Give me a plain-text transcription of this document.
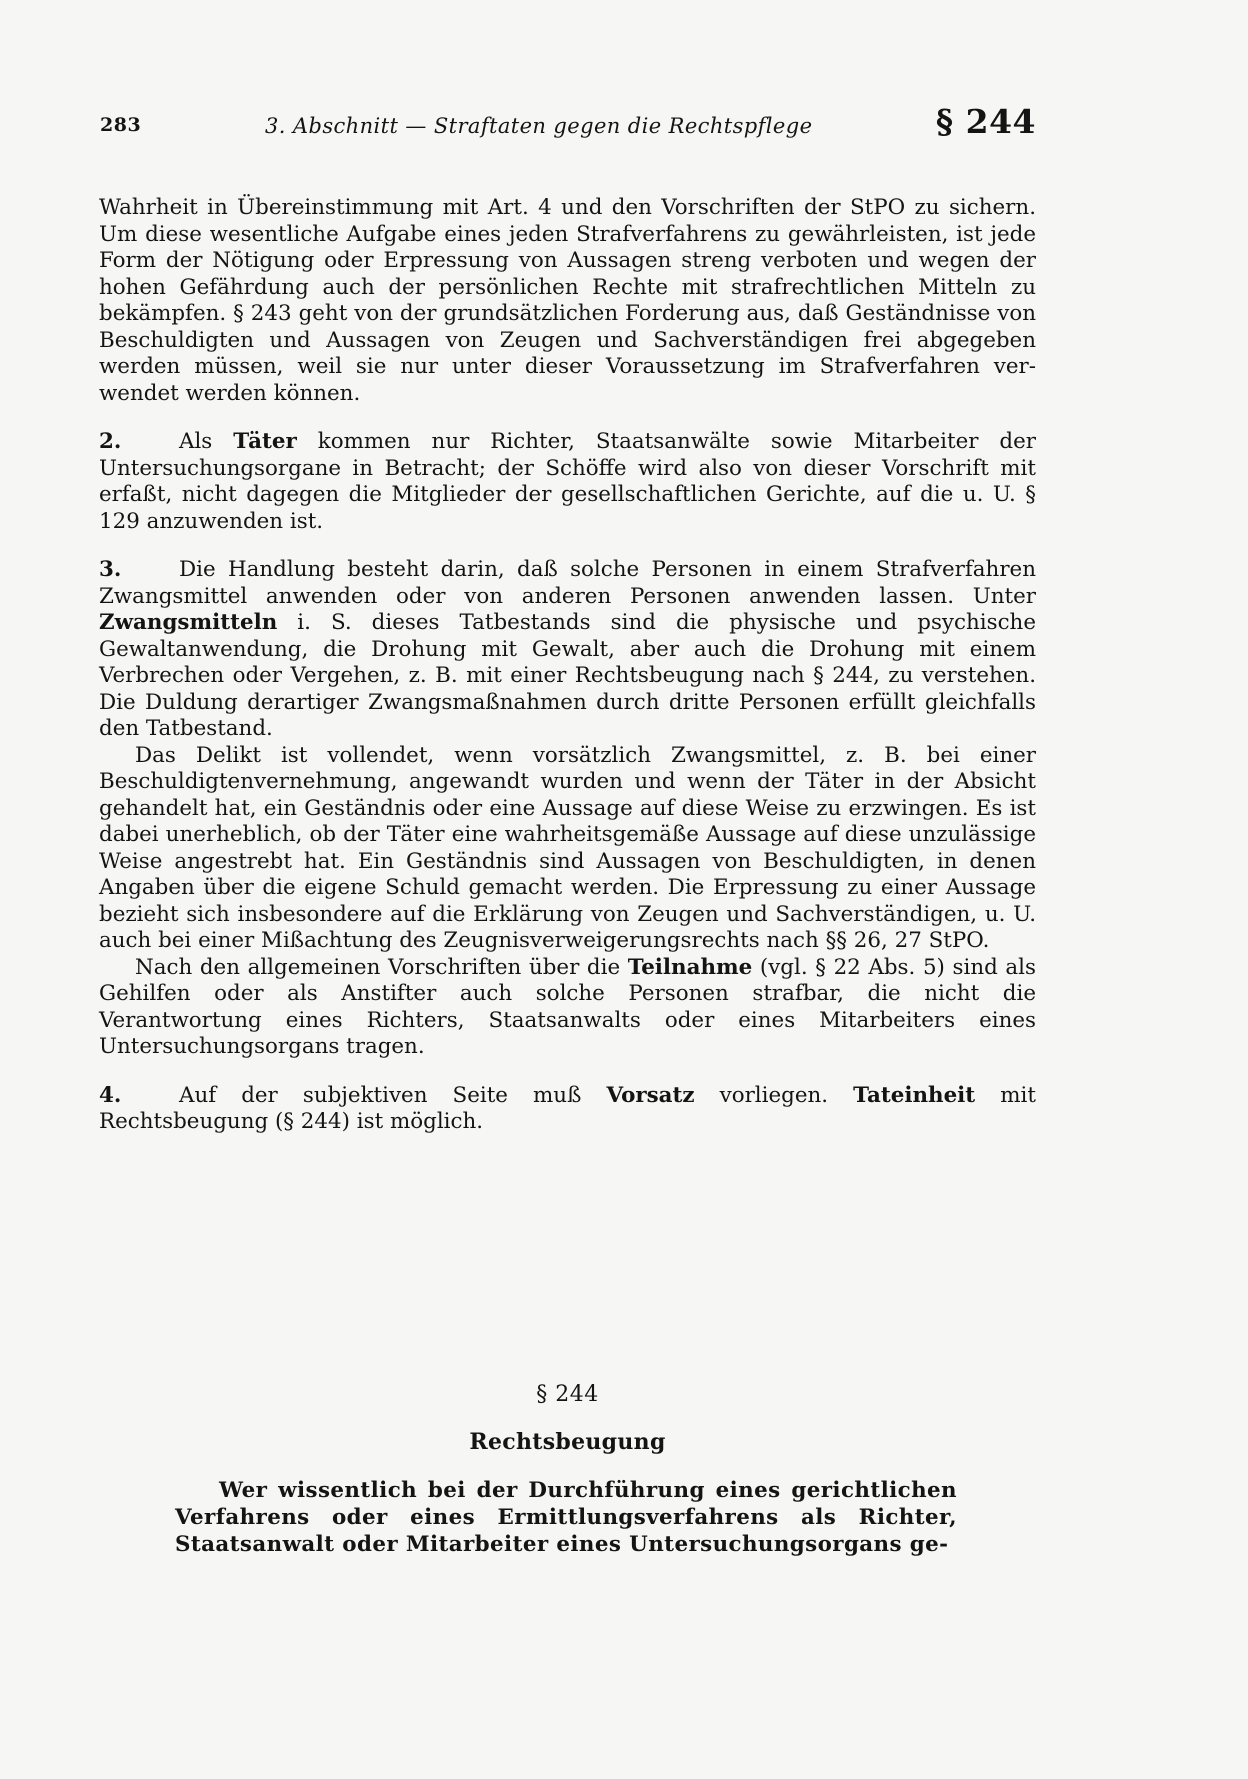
283	3. Abschnitt — Straftaten gegen die Rechtspflege	§ 244

Wahrheit in Übereinstimmung mit Art. 4 und den Vorschriften der StPO zu sichern. Um diese wesentliche Aufgabe eines jeden Strafverfahrens zu gewährleisten, ist jede Form der Nötigung oder Erpressung von Aussagen streng verboten und wegen der hohen Gefährdung auch der persönlichen Rechte mit strafrechtlichen Mitteln zu bekämpfen. § 243 geht von der grundsätzlichen Forderung aus, daß Geständnisse von Beschuldigten und Aussagen von Zeugen und Sachverständigen frei abgegeben werden müssen, weil sie nur unter dieser Voraussetzung im Strafverfahren verwendet werden können.

2.	Als Täter kommen nur Richter, Staatsanwälte sowie Mitarbeiter der Untersuchungsorgane in Betracht; der Schöffe wird also von dieser Vorschrift mit erfaßt, nicht dagegen die Mitglieder der gesellschaftlichen Gerichte, auf die u. U. § 129 anzuwenden ist.

3.	Die Handlung besteht darin, daß solche Personen in einem Strafverfahren Zwangsmittel anwenden oder von anderen Personen anwenden lassen. Unter Zwangsmitteln i. S. dieses Tatbestands sind die physische und psychische Gewaltanwendung, die Drohung mit Gewalt, aber auch die Drohung mit einem Verbrechen oder Vergehen, z. B. mit einer Rechtsbeugung nach § 244, zu verstehen. Die Duldung derartiger Zwangsmaßnahmen durch dritte Personen erfüllt gleichfalls den Tatbestand.

Das Delikt ist vollendet, wenn vorsätzlich Zwangsmittel, z. B. bei einer Beschuldigtenvernehmung, angewandt wurden und wenn der Täter in der Absicht gehandelt hat, ein Geständnis oder eine Aussage auf diese Weise zu erzwingen. Es ist dabei unerheblich, ob der Täter eine wahrheitsgemäße Aussage auf diese unzulässige Weise angestrebt hat. Ein Geständnis sind Aussagen von Beschuldigten, in denen Angaben über die eigene Schuld gemacht werden. Die Erpressung zu einer Aussage bezieht sich insbesondere auf die Erklärung von Zeugen und Sachverständigen, u. U. auch bei einer Mißachtung des Zeugnisverweigerungsrechts nach §§ 26, 27 StPO.

Nach den allgemeinen Vorschriften über die Teilnahme (vgl. § 22 Abs. 5) sind als Gehilfen oder als Anstifter auch solche Personen strafbar, die nicht die Verantwortung eines Richters, Staatsanwalts oder eines Mitarbeiters eines Untersuchungsorgans tragen.

4.	Auf der subjektiven Seite muß Vorsatz vorliegen. Tateinheit mit Rechtsbeugung (§ 244) ist möglich.

§ 244
Rechtsbeugung
Wer wissentlich bei der Durchführung eines gerichtlichen Verfahrens oder eines Ermittlungsverfahrens als Richter, Staatsanwalt oder Mitarbeiter eines Untersuchungsorgans ge-
